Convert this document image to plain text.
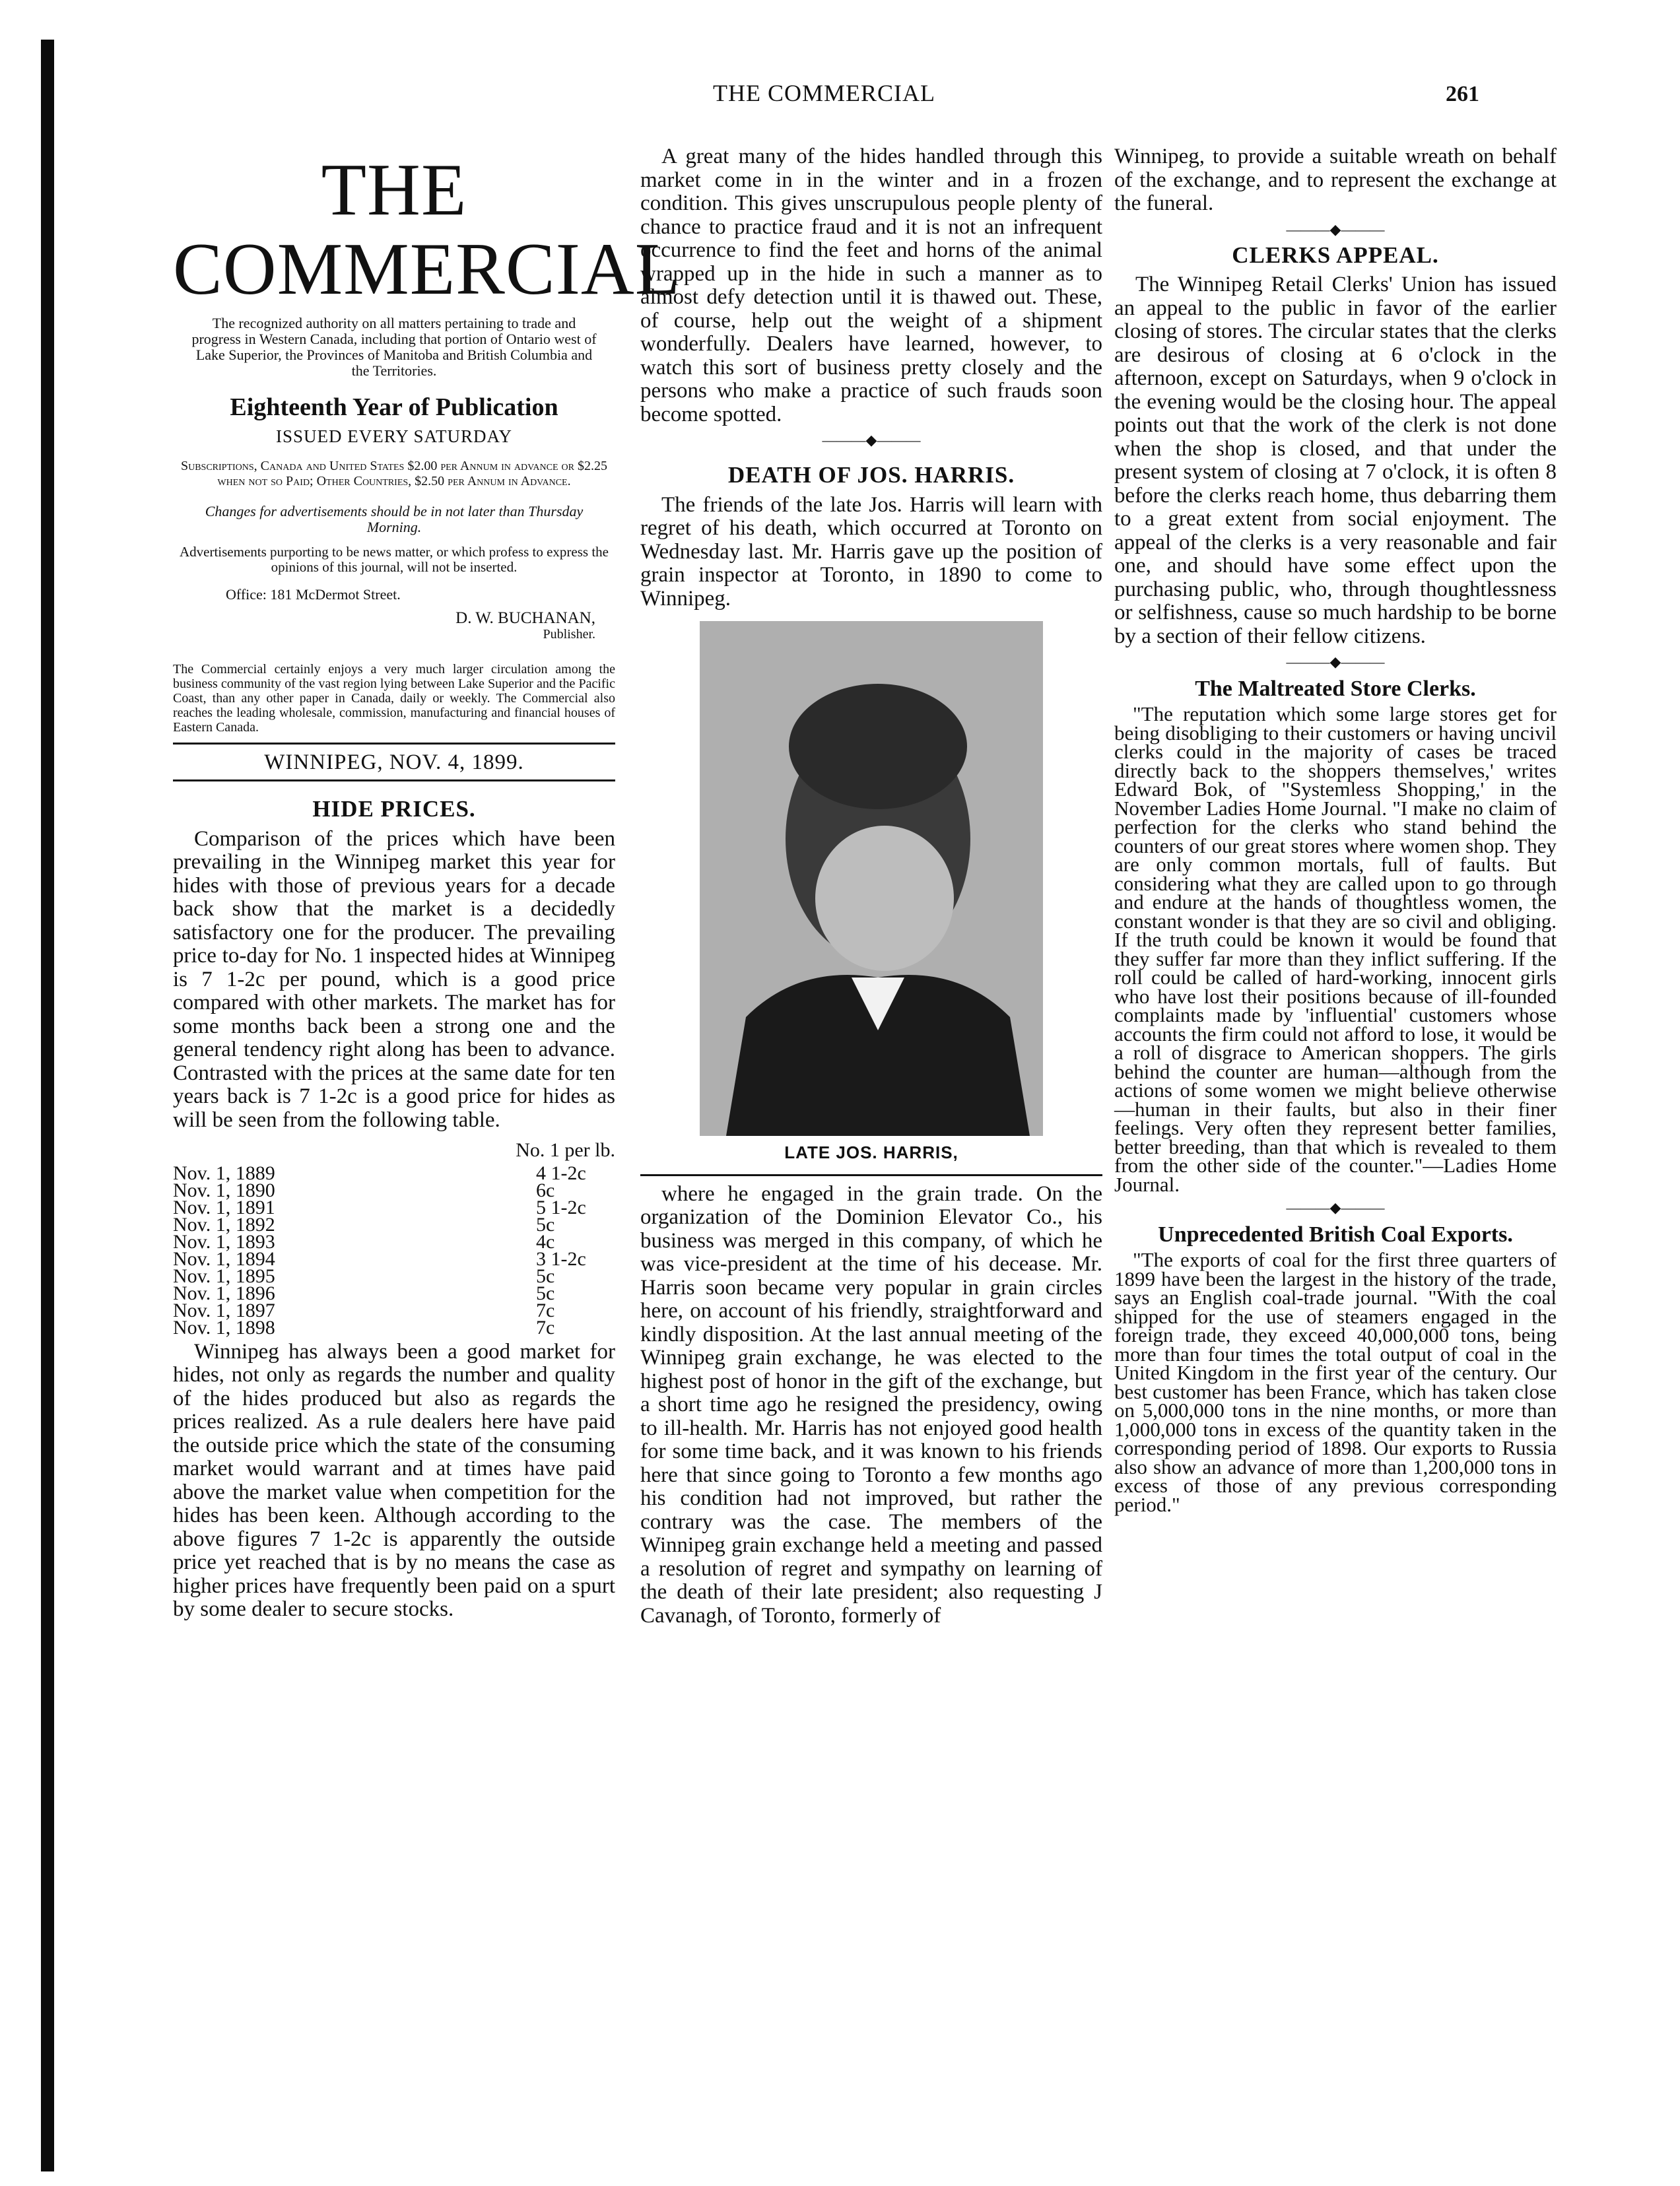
THE COMMERCIAL	261
THE COMMERCIAL
The recognized authority on all matters pertaining to trade and progress in Western Canada, including that portion of Ontario west of Lake Superior, the Provinces of Manitoba and British Columbia and the Territories.
Eighteenth Year of Publication
ISSUED EVERY SATURDAY
Subscriptions, Canada and United States $2.00 per Annum in advance or $2.25 when not so Paid; Other Countries, $2.50 per Annum in Advance.
Changes for advertisements should be in not later than Thursday Morning.
Advertisements purporting to be news matter, or which profess to express the opinions of this journal, will not be inserted.
Office: 181 McDermot Street.
D. W. BUCHANAN,
Publisher.
The Commercial certainly enjoys a very much larger circulation among the business community of the vast region lying between Lake Superior and the Pacific Coast, than any other paper in Canada, daily or weekly. The Commercial also reaches the leading wholesale, commission, manufacturing and financial houses of Eastern Canada.
WINNIPEG, NOV. 4, 1899.
HIDE PRICES.

Comparison of the prices which have been prevailing in the Winnipeg market this year for hides with those of previous years for a decade back show that the market is a decidedly satisfactory one for the producer. The prevailing price to-day for No. 1 inspected hides at Winnipeg is 7 1-2c per pound, which is a good price compared with other markets. The market has for some months back been a strong one and the general tendency right along has been to advance. Contrasted with the prices at the same date for ten years back is 7 1-2c is a good price for hides as will be seen from the following table.

No. 1 per lb.
Nov. 1, 1889	4 1-2c
Nov. 1, 1890	6c
Nov. 1, 1891	5 1-2c
Nov. 1, 1892	5c
Nov. 1, 1893	4c
Nov. 1, 1894	3 1-2c
Nov. 1, 1895	5c
Nov. 1, 1896	5c
Nov. 1, 1897	7c
Nov. 1, 1898	7c

Winnipeg has always been a good market for hides, not only as regards the number and quality of the hides produced but also as regards the prices realized. As a rule dealers here have paid the outside price which the state of the consuming market would warrant and at times have paid above the market value when competition for the hides has been keen. Although according to the above figures 7 1-2c is apparently the outside price yet reached that is by no means the case as higher prices have frequently been paid on a spurt by some dealer to secure stocks.

A great many of the hides handled through this market come in in the winter and in a frozen condition. This gives unscrupulous people plenty of chance to practice fraud and it is not an infrequent occurrence to find the feet and horns of the animal wrapped up in the hide in such a manner as to almost defy detection until it is thawed out. These, of course, help out the weight of a shipment wonderfully. Dealers have learned, however, to watch this sort of business pretty closely and the persons who make a practice of such frauds soon become spotted.

———◆———
DEATH OF JOS. HARRIS.

The friends of the late Jos. Harris will learn with regret of his death, which occurred at Toronto on Wednesday last. Mr. Harris gave up the position of grain inspector at Toronto, in 1890 to come to Winnipeg.

LATE JOS. HARRIS,

where he engaged in the grain trade. On the organization of the Dominion Elevator Co., his business was merged in this company, of which he was vice-president at the time of his decease. Mr. Harris soon became very popular in grain circles here, on account of his friendly, straightforward and kindly disposition. At the last annual meeting of the Winnipeg grain exchange, he was elected to the highest post of honor in the gift of the exchange, but a short time ago he resigned the presidency, owing to ill-health. Mr. Harris has not enjoyed good health for some time back, and it was known to his friends here that since going to Toronto a few months ago his condition had not improved, but rather the contrary was the case. The members of the Winnipeg grain exchange held a meeting and passed a resolution of regret and sympathy on learning of the death of their late president; also requesting J Cavanagh, of Toronto, formerly of

Winnipeg, to provide a suitable wreath on behalf of the exchange, and to represent the exchange at the funeral.

———◆———
CLERKS APPEAL.

The Winnipeg Retail Clerks' Union has issued an appeal to the public in favor of the earlier closing of stores. The circular states that the clerks are desirous of closing at 6 o'clock in the afternoon, except on Saturdays, when 9 o'clock in the evening would be the closing hour. The appeal points out that the work of the clerk is not done when the shop is closed, and that under the present system of closing at 7 o'clock, it is often 8 before the clerks reach home, thus debarring them to a great extent from social enjoyment. The appeal of the clerks is a very reasonable and fair one, and should have some effect upon the purchasing public, who, through thoughtlessness or selfishness, cause so much hardship to be borne by a section of their fellow citizens.

———◆———
The Maltreated Store Clerks.

"The reputation which some large stores get for being disobliging to their customers or having uncivil clerks could in the majority of cases be traced directly back to the shoppers themselves,' writes Edward Bok, of "Systemless Shopping,' in the November Ladies Home Journal. "I make no claim of perfection for the clerks who stand behind the counters of our great stores where women shop. They are only common mortals, full of faults. But considering what they are called upon to go through and endure at the hands of thoughtless women, the constant wonder is that they are so civil and obliging. If the truth could be known it would be found that they suffer far more than they inflict suffering. If the roll could be called of hard-working, innocent girls who have lost their positions because of ill-founded complaints made by 'influential' customers whose accounts the firm could not afford to lose, it would be a roll of disgrace to American shoppers. The girls behind the counter are human—although from the actions of some women we might believe otherwise—human in their faults, but also in their finer feelings. Very often they represent better families, better breeding, than that which is revealed to them from the other side of the counter."—Ladies Home Journal.

———◆———
Unprecedented British Coal Exports.

"The exports of coal for the first three quarters of 1899 have been the largest in the history of the trade, says an English coal-trade journal. "With the coal shipped for the use of steamers engaged in the foreign trade, they exceed 40,000,000 tons, being more than four times the total output of coal in the United Kingdom in the first year of the century. Our best customer has been France, which has taken close on 5,000,000 tons in the nine months, or more than 1,000,000 tons in excess of the quantity taken in the corresponding period of 1898. Our exports to Russia also show an advance of more than 1,200,000 tons in excess of those of any previous corresponding period."
